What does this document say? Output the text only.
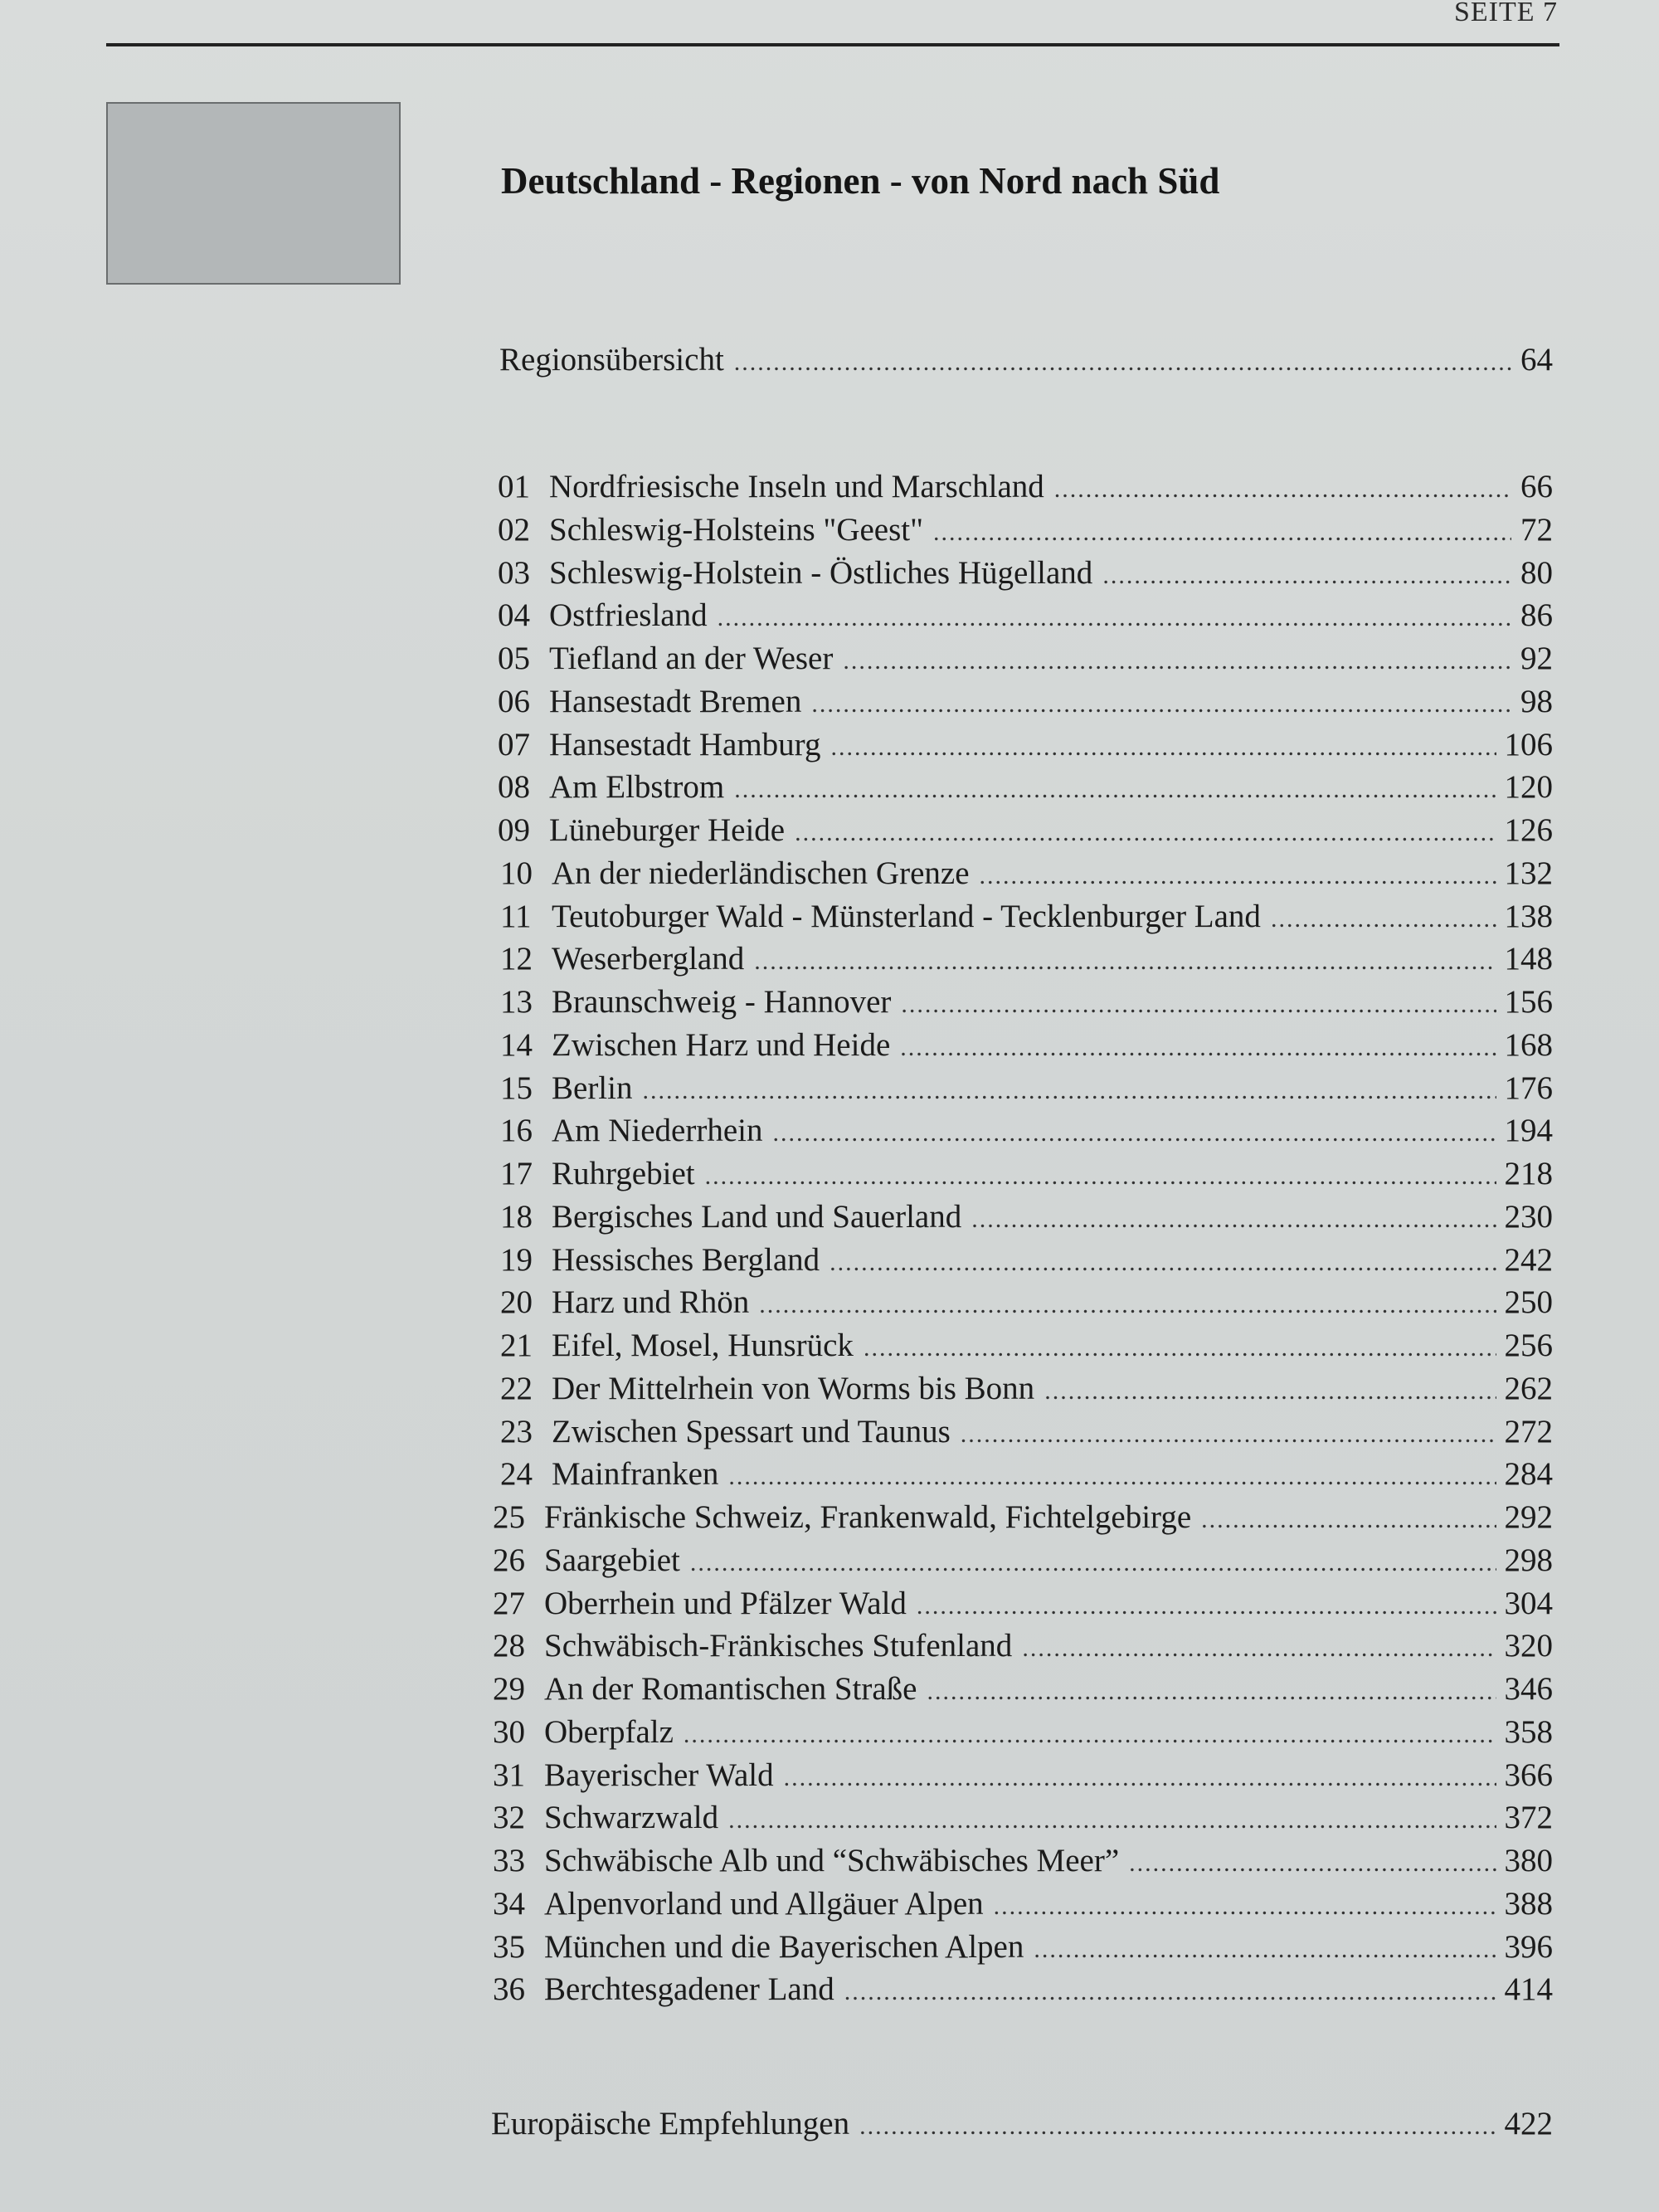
SEITE 7
Deutschland - Regionen - von Nord nach Süd
Regionsübersicht .....	64
01 Nordfriesische Inseln und Marschland .....	66
02 Schleswig-Holsteins "Geest" .....	72
03 Schleswig-Holstein - Östliches Hügelland .....	80
04 Ostfriesland .....	86
05 Tiefland an der Weser .....	92
06 Hansestadt Bremen .....	98
07 Hansestadt Hamburg .....	106
08 Am Elbstrom .....	120
09 Lüneburger Heide .....	126
10 An der niederländischen Grenze .....	132
11 Teutoburger Wald - Münsterland - Tecklenburger Land .....	138
12 Weserbergland .....	148
13 Braunschweig - Hannover .....	156
14 Zwischen Harz und Heide .....	168
15 Berlin .....	176
16 Am Niederrhein .....	194
17 Ruhrgebiet .....	218
18 Bergisches Land und Sauerland .....	230
19 Hessisches Bergland .....	242
20 Harz und Rhön .....	250
21 Eifel, Mosel, Hunsrück .....	256
22 Der Mittelrhein von Worms bis Bonn .....	262
23 Zwischen Spessart und Taunus .....	272
24 Mainfranken .....	284
25 Fränkische Schweiz, Frankenwald, Fichtelgebirge .....	292
26 Saargebiet .....	298
27 Oberrhein und Pfälzer Wald .....	304
28 Schwäbisch-Fränkisches Stufenland .....	320
29 An der Romantischen Straße .....	346
30 Oberpfalz .....	358
31 Bayerischer Wald .....	366
32 Schwarzwald .....	372
33 Schwäbische Alb und “Schwäbisches Meer” .....	380
34 Alpenvorland und Allgäuer Alpen .....	388
35 München und die Bayerischen Alpen .....	396
36 Berchtesgadener Land .....	414
Europäische Empfehlungen .....	422
